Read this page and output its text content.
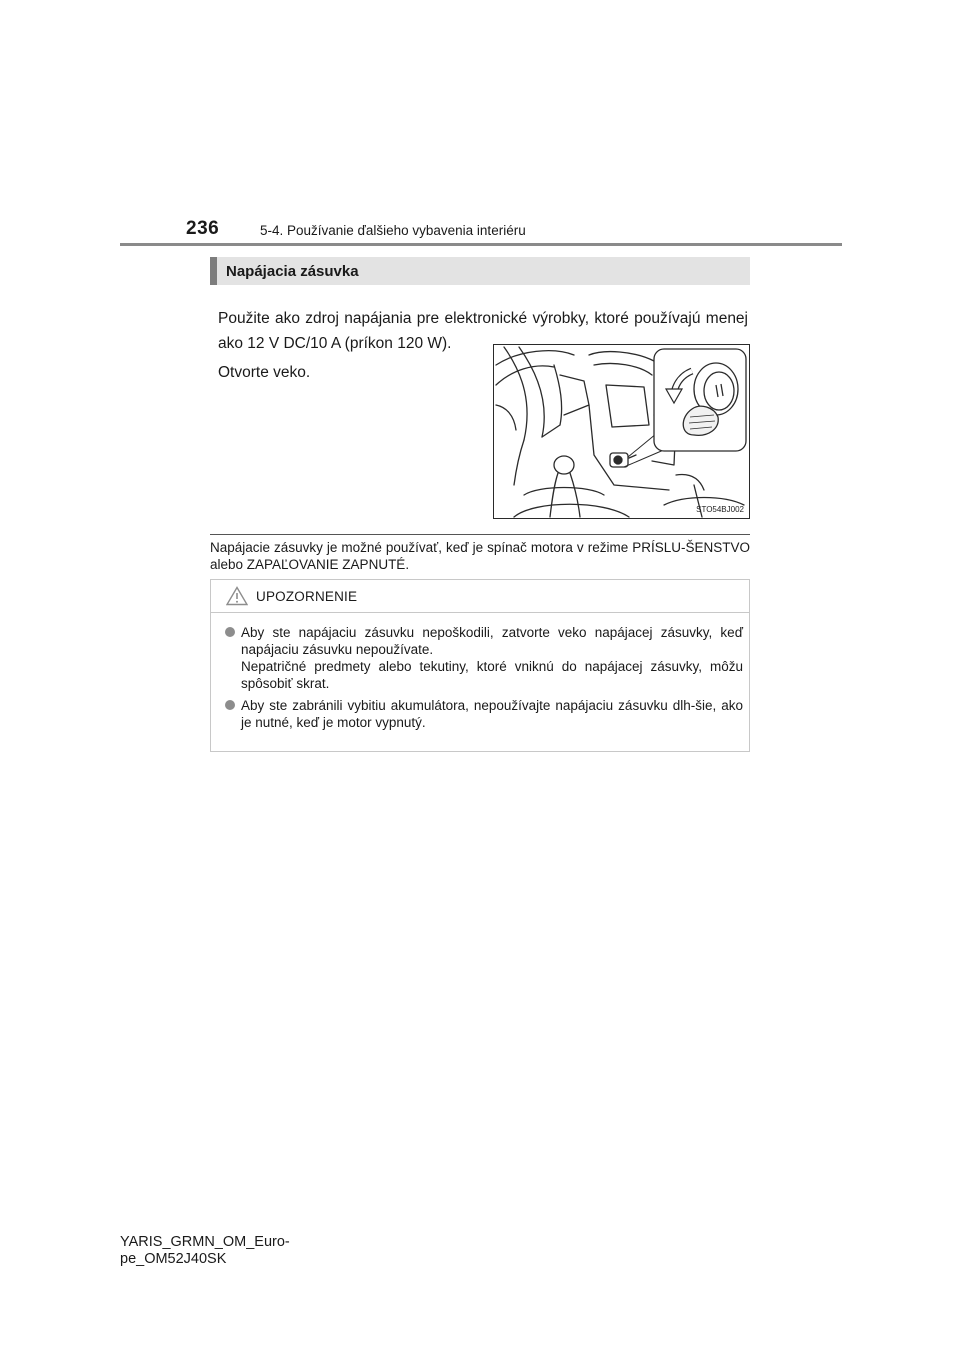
236	5-4. Používanie ďalšieho vybavenia interiéru
Napájacia zásuvka

Použite ako zdroj napájania pre elektronické výrobky, ktoré používajú menej ako 12 V DC/10 A (príkon 120 W).

Otvorte veko.

STO54BJ002

Napájacie zásuvky je možné používať, keď je spínač motora v režime PRÍSLU-ŠENSTVO alebo ZAPAĽOVANIE ZAPNUTÉ.

UPOZORNENIE
Aby ste napájaciu zásuvku nepoškodili, zatvorte veko napájacej zásuvky, keď napájaciu zásuvku nepoužívate.
Nepatričné predmety alebo tekutiny, ktoré vniknú do napájacej zásuvky, môžu spôsobiť skrat.
Aby ste zabránili vybitiu akumulátora, nepoužívajte napájaciu zásuvku dlh-šie, ako je nutné, keď je motor vypnutý.
YARIS_GRMN_OM_Euro-
pe_OM52J40SK
